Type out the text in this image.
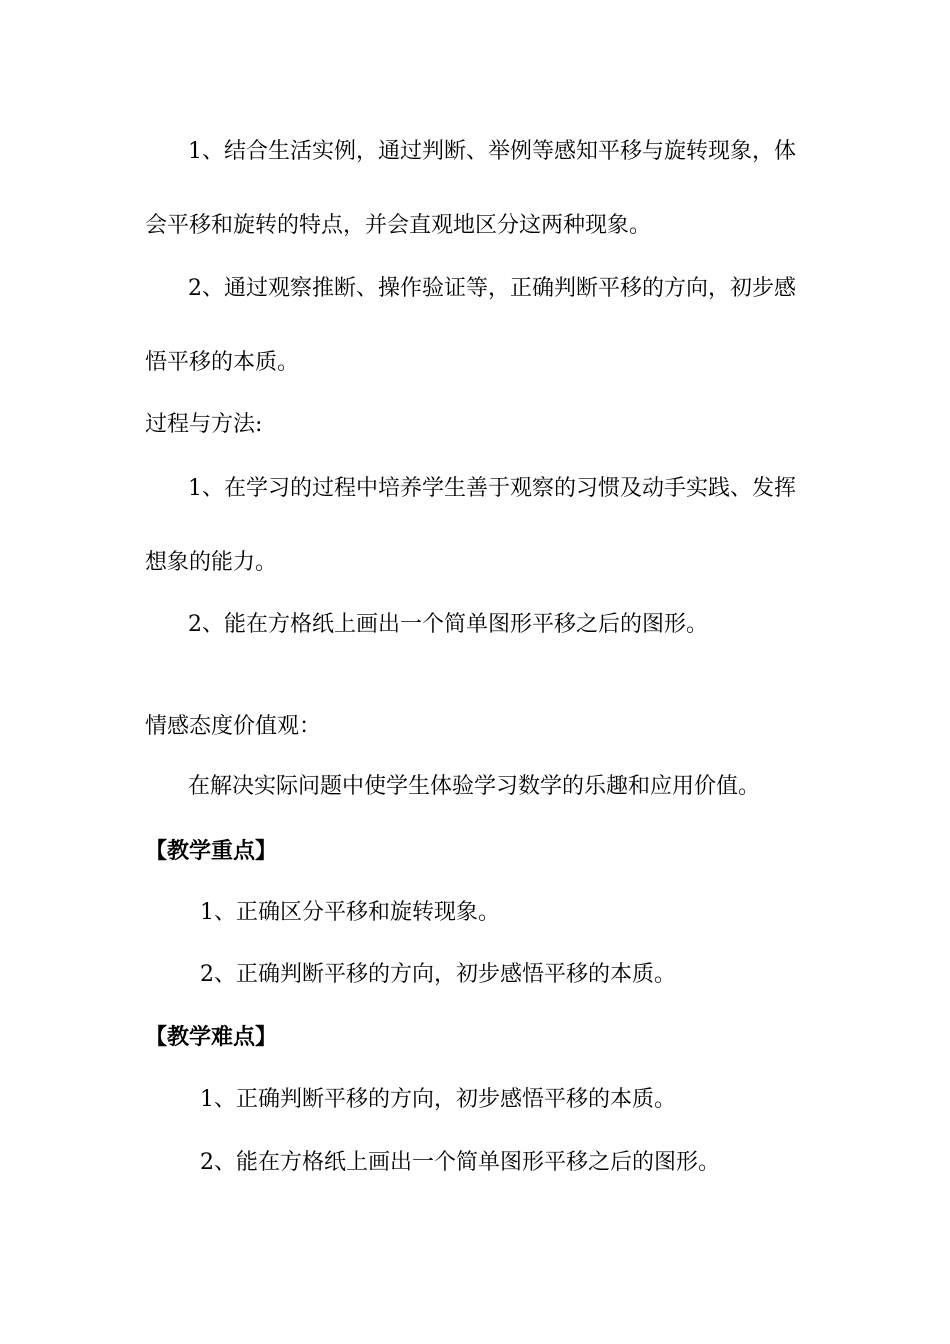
1、结合生活实例，通过判断、举例等感知平移与旋转现象，体
会平移和旋转的特点，并会直观地区分这两种现象。
2、通过观察推断、操作验证等，正确判断平移的方向，初步感
悟平移的本质。
过程与方法:
1、在学习的过程中培养学生善于观察的习惯及动手实践、发挥
想象的能力。
2、能在方格纸上画出一个简单图形平移之后的图形。
情感态度价值观：
在解决实际问题中使学生体验学习数学的乐趣和应用价值。
【教学重点】
1、正确区分平移和旋转现象。
2、正确判断平移的方向，初步感悟平移的本质。
【教学难点】
1、正确判断平移的方向，初步感悟平移的本质。
2、能在方格纸上画出一个简单图形平移之后的图形。
